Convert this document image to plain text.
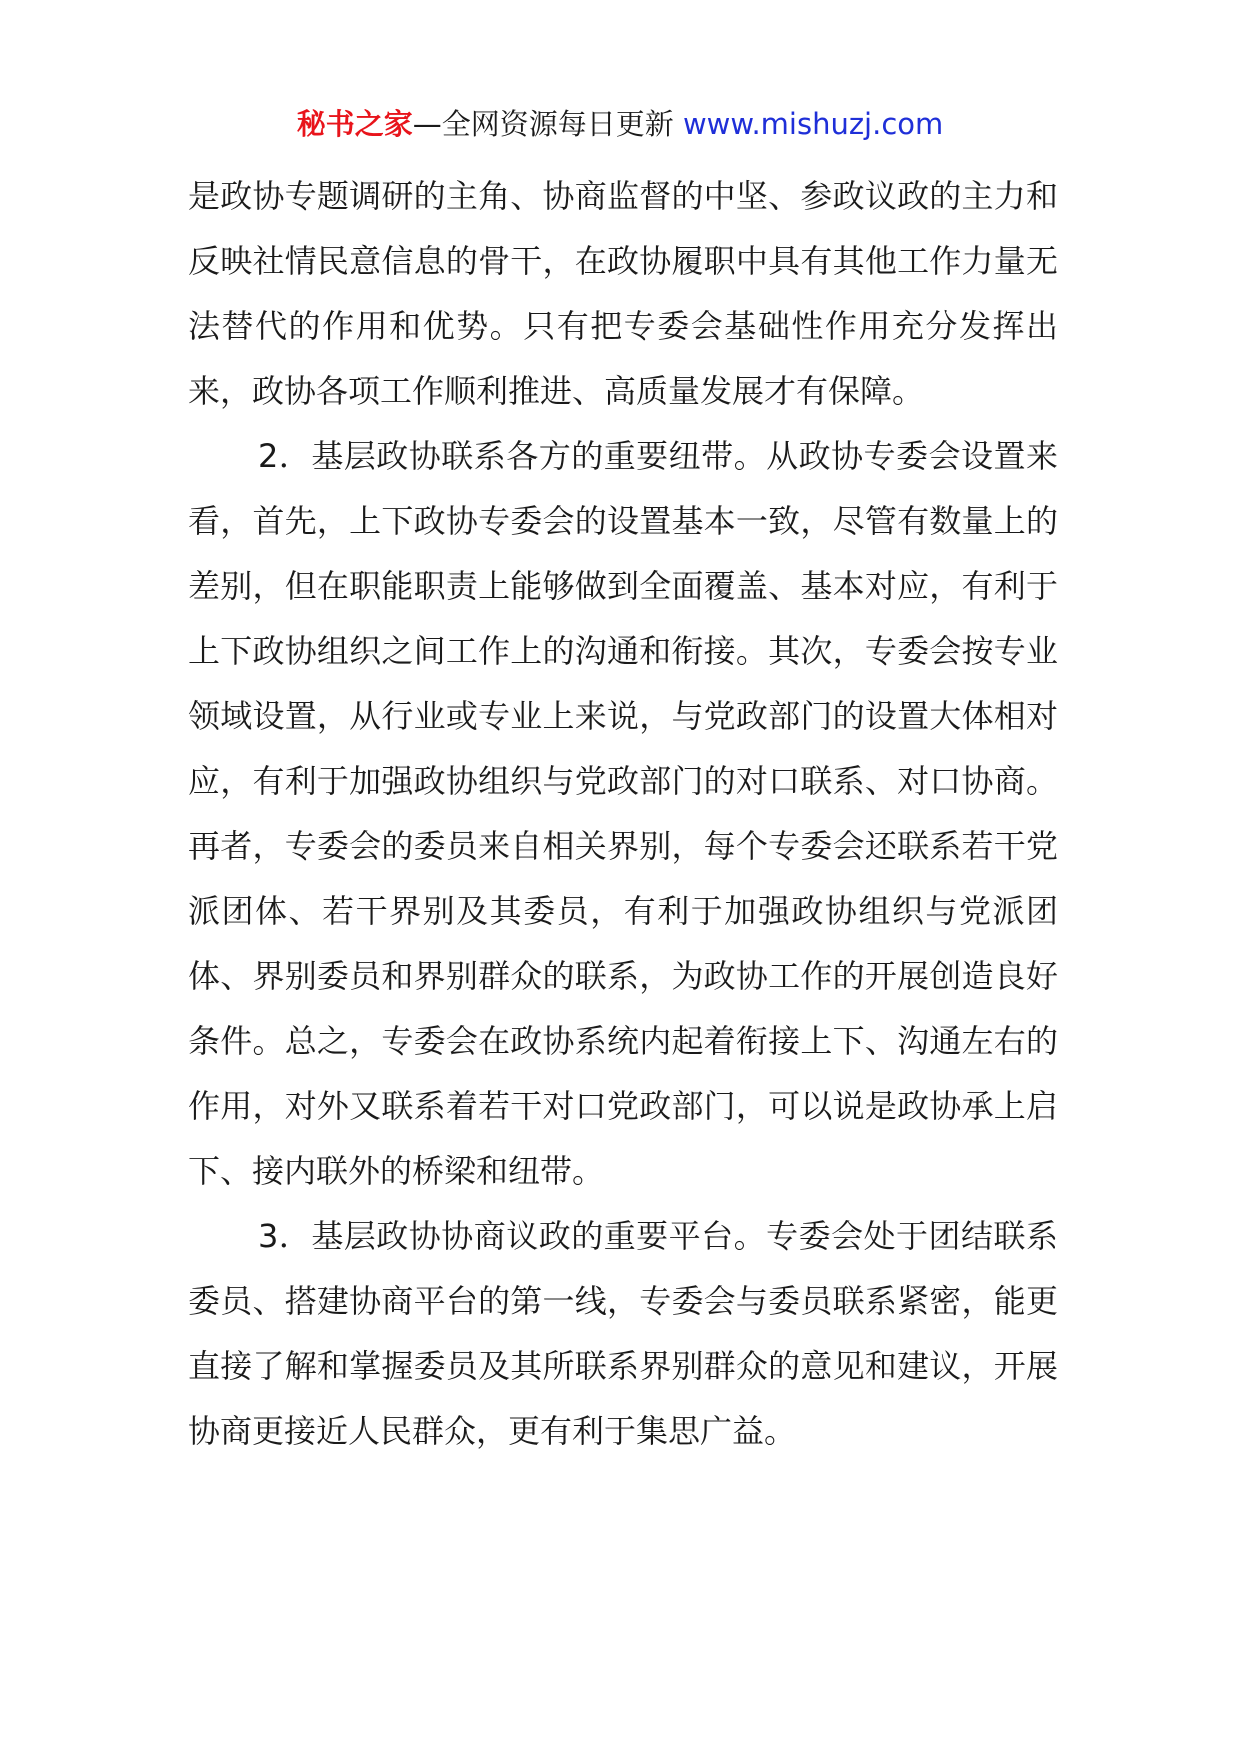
秘书之家—全网资源每日更新 www.mishuzj.com

是政协专题调研的主角、协商监督的中坚、参政议政的主力和反映社情民意信息的骨干，在政协履职中具有其他工作力量无法替代的作用和优势。只有把专委会基础性作用充分发挥出来，政协各项工作顺利推进、高质量发展才有保障。

2．基层政协联系各方的重要纽带。从政协专委会设置来看，首先，上下政协专委会的设置基本一致，尽管有数量上的差别，但在职能职责上能够做到全面覆盖、基本对应，有利于上下政协组织之间工作上的沟通和衔接。其次，专委会按专业领域设置，从行业或专业上来说，与党政部门的设置大体相对应，有利于加强政协组织与党政部门的对口联系、对口协商。再者，专委会的委员来自相关界别，每个专委会还联系若干党派团体、若干界别及其委员，有利于加强政协组织与党派团体、界别委员和界别群众的联系，为政协工作的开展创造良好条件。总之，专委会在政协系统内起着衔接上下、沟通左右的作用，对外又联系着若干对口党政部门，可以说是政协承上启下、接内联外的桥梁和纽带。

3．基层政协协商议政的重要平台。专委会处于团结联系委员、搭建协商平台的第一线，专委会与委员联系紧密，能更直接了解和掌握委员及其所联系界别群众的意见和建议，开展协商更接近人民群众，更有利于集思广益。
